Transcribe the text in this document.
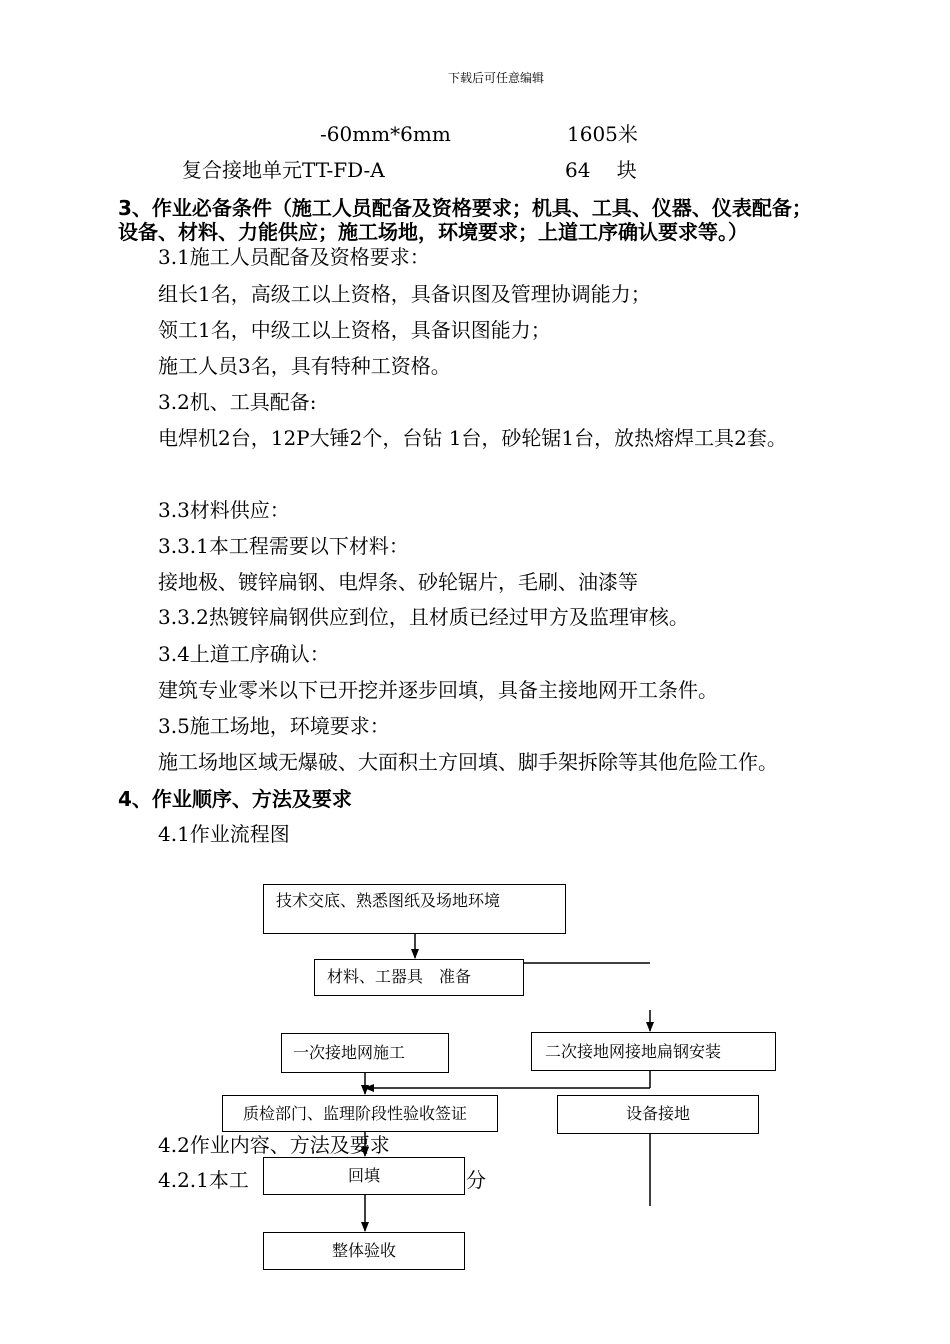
下载后可任意编辑
-60mm*6mm	1605米
复合接地单元TT-FD-A	64　 块
3、作业必备条件（施工人员配备及资格要求；机具、工具、仪器、仪表配备；
设备、材料、力能供应；施工场地，环境要求；上道工序确认要求等。）
3.1施工人员配备及资格要求：
组长1名，高级工以上资格，具备识图及管理协调能力；
领工1名，中级工以上资格，具备识图能力；
施工人员3名，具有特种工资格。
3.2机、工具配备:
电焊机2台，12P大锤2个，台钻 1台，砂轮锯1台，放热熔焊工具2套。
3.3材料供应：
3.3.1本工程需要以下材料：
接地极、镀锌扁钢、电焊条、砂轮锯片，毛刷、油漆等
3.3.2热镀锌扁钢供应到位，且材质已经过甲方及监理审核。
3.4上道工序确认：
建筑专业零米以下已开挖并逐步回填，具备主接地网开工条件。
3.5施工场地，环境要求：
施工场地区域无爆破、大面积土方回填、脚手架拆除等其他危险工作。
4、作业顺序、方法及要求
4.1作业流程图
4.2作业内容、方法及要求
4.2.1本工	分
技术交底、熟悉图纸及场地环境
材料、工器具　准备
一次接地网施工	二次接地网接地扁钢安装
质检部门、监理阶段性验收签证	设备接地
回填
整体验收
